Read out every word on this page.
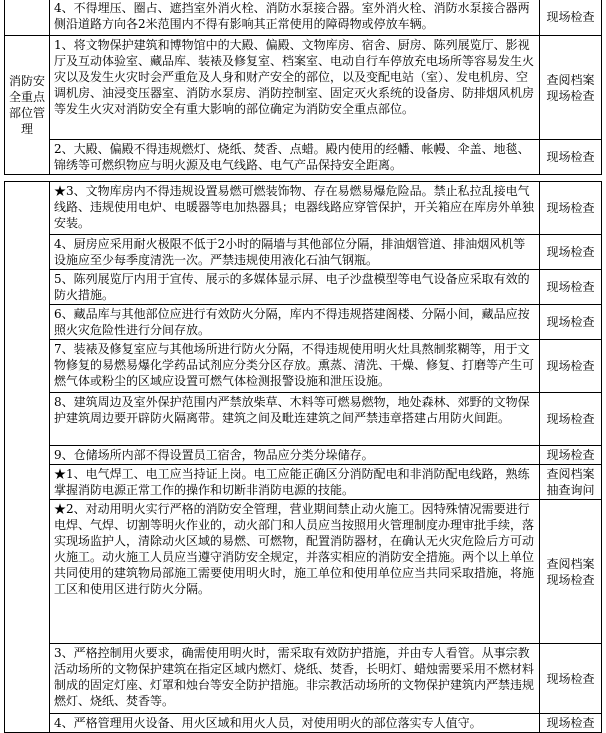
	4、不得埋压、圈占、遮挡室外消火栓、消防水泵接合器。室外消火栓、消防水泵接合器两侧沿道路方向各2米范围内不得有影响其正常使用的障碍物或停放车辆。	现场检查
消防安全重点部位管理	1、将文物保护建筑和博物馆中的大殿、偏殿、文物库房、宿舍、厨房、陈列展览厅、影视厅及互动体验室、藏品库、装裱及修复室、档案室、电动自行车停放充电场所等容易发生火灾以及发生火灾时会严重危及人身和财产安全的部位，以及变配电站（室）、发电机房、空调机房、油浸变压器室、消防水泵房、消防控制室、固定灭火系统的设备房、防排烟风机房等发生火灾对消防安全有重大影响的部位确定为消防安全重点部位。	查阅档案现场检查
	2、大殿、偏殿不得违规燃灯、烧纸、焚香、点蜡。殿内使用的经幡、帐幔、伞盖、地毯、锦绣等可燃织物应与明火源及电气线路、电气产品保持安全距离。	现场检查
	★3、文物库房内不得违规设置易燃可燃装饰物、存在易燃易爆危险品。禁止私拉乱接电气线路、违规使用电炉、电暖器等电加热器具；电器线路应穿管保护，开关箱应在库房外单独安装。	现场检查
	4、厨房应采用耐火极限不低于2小时的隔墙与其他部位分隔，排油烟管道、排油烟风机等设施应至少每季度清洗一次。严禁违规使用液化石油气钢瓶。	现场检查
	5、陈列展览厅内用于宣传、展示的多媒体显示屏、电子沙盘模型等电气设备应采取有效的防火措施。	现场检查
	6、藏品库与其他部位应进行有效防火分隔，库内不得违规搭建阁楼、分隔小间，藏品应按照火灾危险性进行分间存放。	现场检查
	7、装裱及修复室应与其他场所进行防火分隔，不得违规使用明火灶具熬制浆糊等，用于文物修复的易燃易爆化学药品试剂应分类分区存放。熏蒸、清洗、干燥、修复、打磨等产生可燃气体或粉尘的区域应设置可燃气体检测报警设施和泄压设施。	现场检查
	8、建筑周边及室外保护范围内严禁放柴草、木料等可燃易燃物，地处森林、郊野的文物保护建筑周边要开辟防火隔离带。建筑之间及毗连建筑之间严禁违章搭建占用防火间距。	现场检查
	9、仓储场所内部不得设置员工宿舍，物品应分类分垛储存。	现场检查
	★1、电气焊工、电工应当持证上岗。电工应能正确区分消防配电和非消防配电线路，熟练掌握消防电源正常工作的操作和切断非消防电源的技能。	查阅档案抽查询问
	★2、对动用明火实行严格的消防安全管理，营业期间禁止动火施工。因特殊情况需要进行电焊、气焊、切割等明火作业的，动火部门和人员应当按照用火管理制度办理审批手续，落实现场监护人，清除动火区域的易燃、可燃物，配置消防器材，在确认无火灾危险后方可动火施工。动火施工人员应当遵守消防安全规定，并落实相应的消防安全措施。两个以上单位共同使用的建筑物局部施工需要使用明火时，施工单位和使用单位应当共同采取措施，将施工区和使用区进行防火分隔。	查阅档案现场检查
	3、严格控制用火要求，确需使用明火时，需采取有效防护措施，并由专人看管。从事宗教活动场所的文物保护建筑在指定区域内燃灯、烧纸、焚香，长明灯、蜡烛需要采用不燃材料制成的固定灯座、灯罩和烛台等安全防护措施。非宗教活动场所的文物保护建筑内严禁违规燃灯、烧纸、焚香等。	现场检查
	4、严格管理用火设备、用火区域和用火人员，对使用明火的部位落实专人值守。	现场检查
